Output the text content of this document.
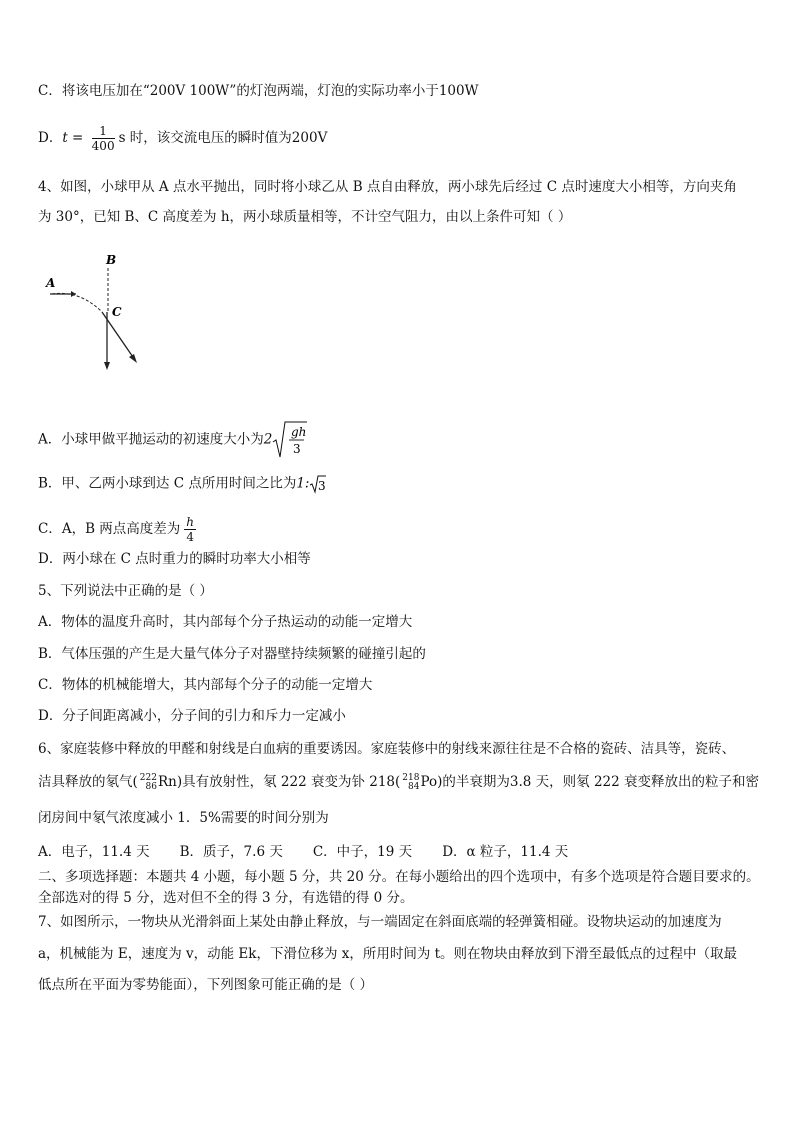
C．将该电压加在“200V 100W”的灯泡两端，灯泡的实际功率小于100W
D．$t = \frac{1}{400}$ s 时，该交流电压的瞬时值为200V
4、如图，小球甲从 A 点水平抛出，同时将小球乙从 B 点自由释放，两小球先后经过 C 点时速度大小相等，方向夹角
为 30°，已知 B、C 高度差为 h，两小球质量相等，不计空气阻力，由以上条件可知（ ）
B
A
C
A．小球甲做平抛运动的初速度大小为2 gh
3
B．甲、乙两小球到达 C 点所用时间之比为1: 3
C．A，B 两点高度差为 $\frac{h}{4}$
D．两小球在 C 点时重力的瞬时功率大小相等
5、下列说法中正确的是（ ）
A．物体的温度升高时，其内部每个分子热运动的动能一定增大
B．气体压强的产生是大量气体分子对器壁持续频繁的碰撞引起的
C．物体的机械能增大，其内部每个分子的动能一定增大
D．分子间距离减小，分子间的引力和斥力一定减小
6、家庭装修中释放的甲醛和射线是白血病的重要诱因。家庭装修中的射线来源往往是不合格的瓷砖、洁具等，瓷砖、
洁具释放的氡气( 222
86 Rn)具有放射性，氡 222 衰变为钋 218( 218
84 Po)的半衰期为3.8 天，则氡 222 衰变释放出的粒子和密
闭房间中氡气浓度减小 1．5%需要的时间分别为
A．电子，11.4 天       B．质子，7.6 天       C．中子，19 天       D．α 粒子，11.4 天
二、多项选择题：本题共 4 小题，每小题 5 分，共 20 分。在每小题给出的四个选项中，有多个选项是符合题目要求的。
全部选对的得 5 分，选对但不全的得 3 分，有选错的得 0 分。
7、如图所示，一物块从光滑斜面上某处由静止释放，与一端固定在斜面底端的轻弹簧相碰。设物块运动的加速度为
a，机械能为 E，速度为 v，动能 Ek，下滑位移为 x，所用时间为 t。则在物块由释放到下滑至最低点的过程中（取最
低点所在平面为零势能面），下列图象可能正确的是（ ）
